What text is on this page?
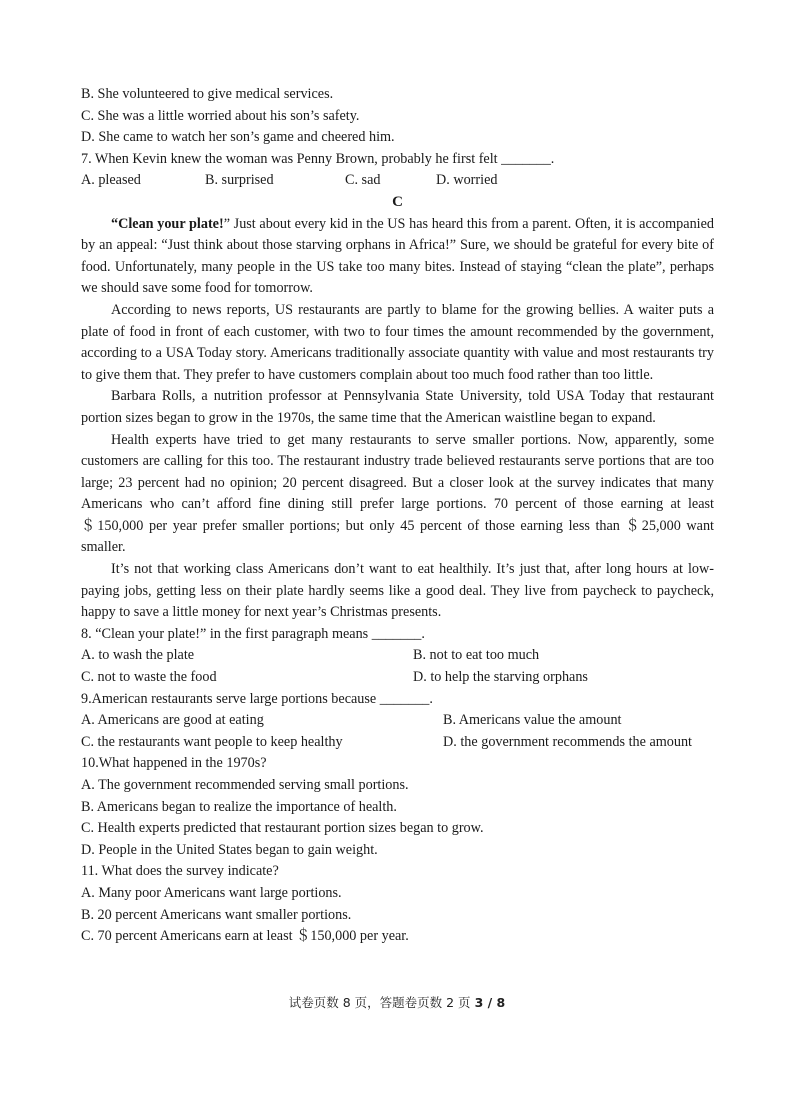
B. She volunteered to give medical services.

C. She was a little worried about his son’s safety.

D. She came to watch her son’s game and cheered him.

7. When Kevin knew the woman was Penny Brown, probably he first felt _______.

A. pleased	B. surprised	C. sad	D. worried

C

“Clean your plate!” Just about every kid in the US has heard this from a parent. Often, it is accompanied by an appeal: “Just think about those starving orphans in Africa!” Sure, we should be grateful for every bite of food. Unfortunately, many people in the US take too many bites. Instead of staying “clean the plate”, perhaps we should save some food for tomorrow.

According to news reports, US restaurants are partly to blame for the growing bellies. A waiter puts a plate of food in front of each customer, with two to four times the amount recommended by the government, according to a USA Today story. Americans traditionally associate quantity with value and most restaurants try to give them that. They prefer to have customers complain about too much food rather than too little.

Barbara Rolls, a nutrition professor at Pennsylvania State University, told USA Today that restaurant portion sizes began to grow in the 1970s, the same time that the American waistline began to expand.

Health experts have tried to get many restaurants to serve smaller portions. Now, apparently, some customers are calling for this too. The restaurant industry trade believed restaurants serve portions that are too large; 23 percent had no opinion; 20 percent disagreed. But a closer look at the survey indicates that many Americans who can’t afford fine dining still prefer large portions. 70 percent of those earning at least ＄150,000 per year prefer smaller portions; but only 45 percent of those earning less than ＄25,000 want smaller.

It’s not that working class Americans don’t want to eat healthily. It’s just that, after long hours at low-paying jobs, getting less on their plate hardly seems like a good deal. They live from paycheck to paycheck, happy to save a little money for next year’s Christmas presents.

8. “Clean your plate!” in the first paragraph means _______.

A. to wash the plate	B. not to eat too much
C. not to waste the food	D. to help the starving orphans

9.American restaurants serve large portions because _______.

A. Americans are good at eating	B. Americans value the amount
C. the restaurants want people to keep healthy	D. the government recommends the amount

10.What happened in the 1970s?

A. The government recommended serving small portions.

B. Americans began to realize the importance of health.

C. Health experts predicted that restaurant portion sizes began to grow.

D. People in the United States began to gain weight.

11. What does the survey indicate?

A. Many poor Americans want large portions.

B. 20 percent Americans want smaller portions.

C. 70 percent Americans earn at least ＄150,000 per year.

试卷页数 8 页，答题卷页数 2 页 3 / 8
